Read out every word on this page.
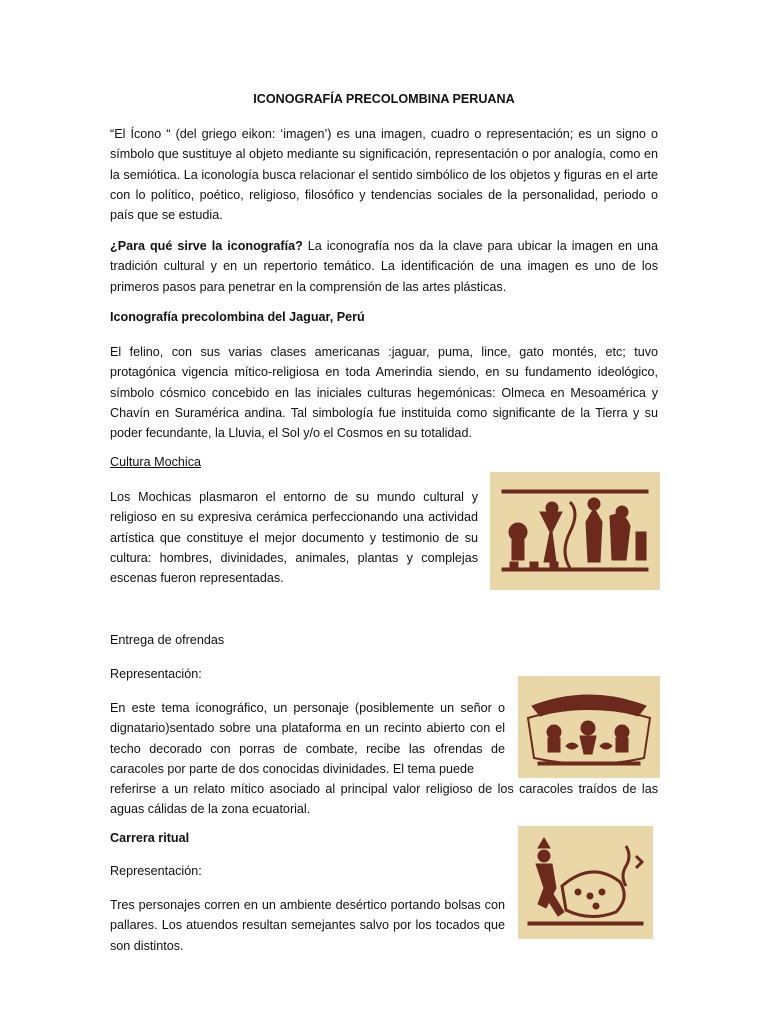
ICONOGRAFÍA PRECOLOMBINA PERUANA
“El Ícono “ (del griego eikon: ‘imagen’) es una imagen, cuadro o representación; es un signo o símbolo que sustituye al objeto mediante su significación, representación o por analogía, como en la semiótica. La iconología busca relacionar el sentido simbólico de los objetos y figuras en el arte con lo político, poético, religioso, filosófico y tendencias sociales de la personalidad, periodo o país que se estudia.
¿Para qué sirve la iconografía? La iconografía nos da la clave para ubicar la imagen en una tradición cultural y en un repertorio temático. La identificación de una imagen es uno de los primeros pasos para penetrar en la comprensión de las artes plásticas.
Iconografía precolombina del Jaguar, Perú
El felino, con sus varias clases americanas :jaguar, puma, lince, gato montés, etc; tuvo protagónica vigencia mítico-religiosa en toda Amerindia siendo, en su fundamento ideológico, símbolo cósmico concebido en las iniciales culturas hegemónicas: Olmeca en Mesoamérica y Chavín en Suramérica andina. Tal simbología fue instituida como significante de la Tierra y su poder fecundante, la Lluvia, el Sol y/o el Cosmos en su totalidad.
Cultura Mochica
Los Mochicas plasmaron el entorno de su mundo cultural y religioso en su expresiva cerámica perfeccionando una actividad artística que constituye el mejor documento y testimonio de su cultura: hombres, divinidades, animales, plantas y complejas escenas fueron representadas.
Entrega de ofrendas
Representación:
En este tema iconográfico, un personaje (posiblemente un señor o dignatario)sentado sobre una plataforma en un recinto abierto con el techo decorado con porras de combate, recibe las ofrendas de caracoles por parte de dos conocidas divinidades. El tema puede
referirse a un relato mítico asociado al principal valor religioso de los caracoles traídos de las aguas cálidas de la zona ecuatorial.
Carrera ritual
Representación:
Tres personajes corren en un ambiente desértico portando bolsas con pallares. Los atuendos resultan semejantes salvo por los tocados que son distintos.
